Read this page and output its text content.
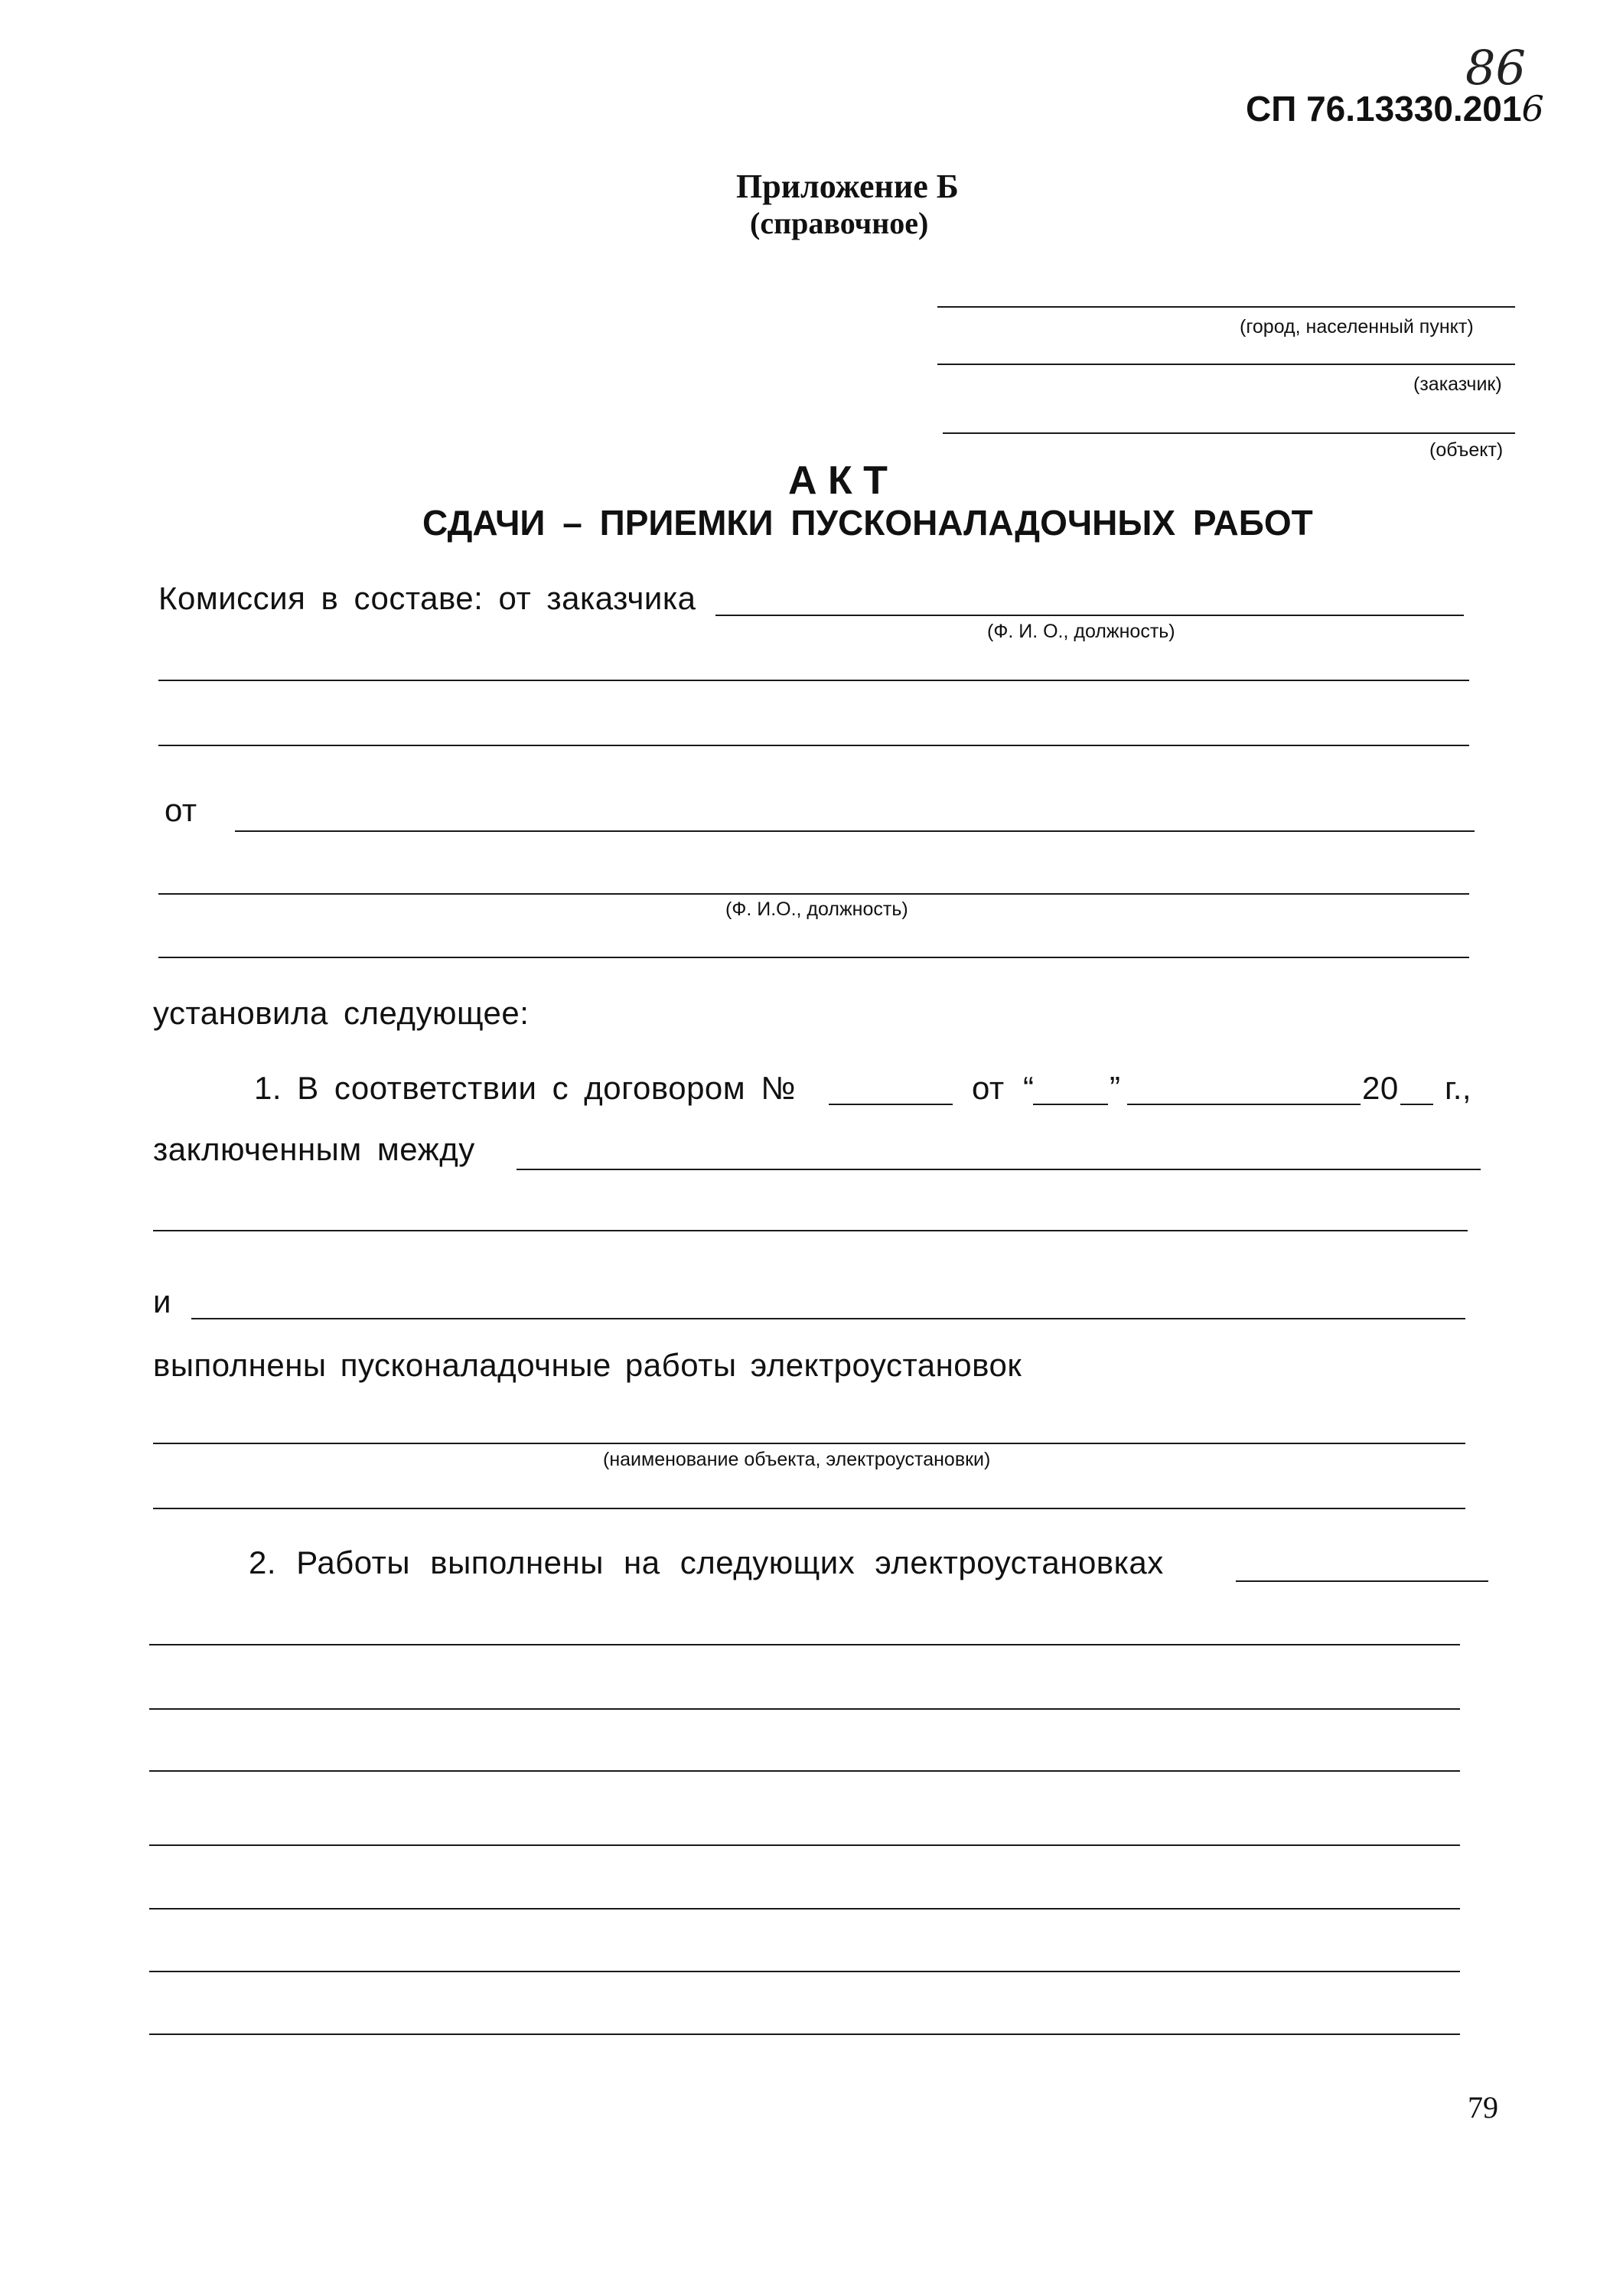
86
СП 76.13330.2016
Приложение Б
(справочное)
(город, населенный пункт)
(заказчик)
(объект)
А К Т
СДАЧИ – ПРИЕМКИ ПУСКОНАЛАДОЧНЫХ РАБОТ
Комиссия в составе: от заказчика
(Ф. И. О., должность)
от
(Ф. И.О., должность)
установила следующее:
1. В соответствии с договором №	от “ ”	20 г.,
заключенным между
и
выполнены пусконаладочные работы электроустановок
(наименование объекта, электроустановки)
2. Работы выполнены на следующих электроустановках
79
